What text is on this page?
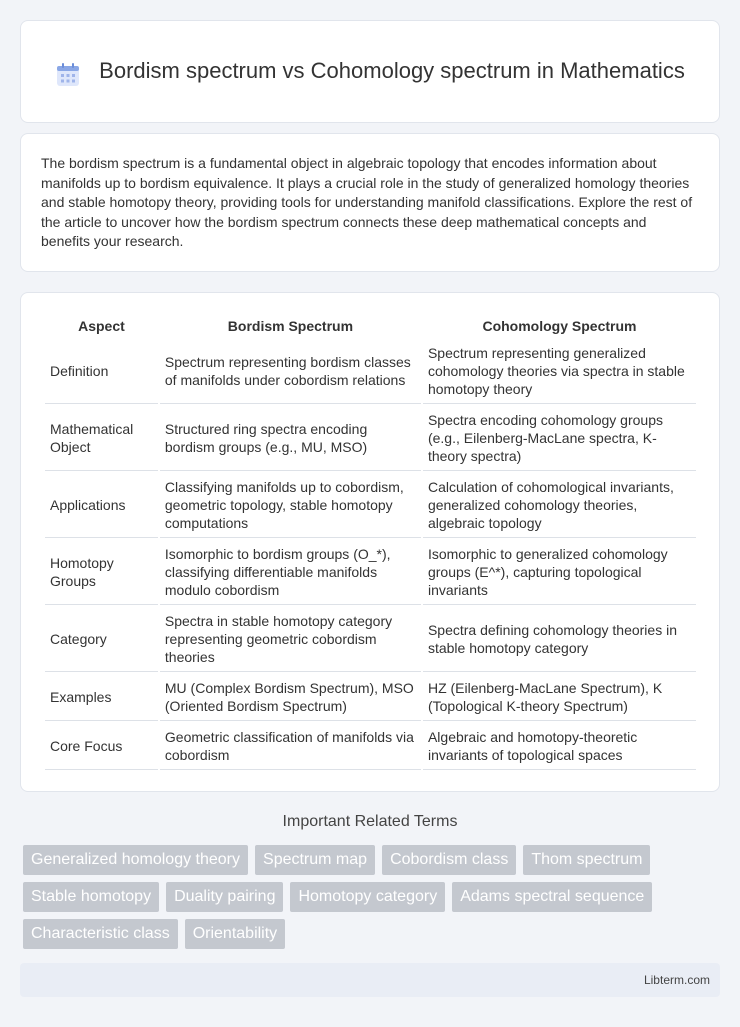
Bordism spectrum vs Cohomology spectrum in Mathematics

The bordism spectrum is a fundamental object in algebraic topology that encodes information about manifolds up to bordism equivalence. It plays a crucial role in the study of generalized homology theories and stable homotopy theory, providing tools for understanding manifold classifications. Explore the rest of the article to uncover how the bordism spectrum connects these deep mathematical concepts and benefits your research.

Aspect	Bordism Spectrum	Cohomology Spectrum
Definition	Spectrum representing bordism classes of manifolds under cobordism relations	Spectrum representing generalized cohomology theories via spectra in stable homotopy theory
Mathematical Object	Structured ring spectra encoding bordism groups (e.g., MU, MSO)	Spectra encoding cohomology groups (e.g., Eilenberg-MacLane spectra, K-theory spectra)
Applications	Classifying manifolds up to cobordism, geometric topology, stable homotopy computations	Calculation of cohomological invariants, generalized cohomology theories, algebraic topology
Homotopy Groups	Isomorphic to bordism groups (O_*), classifying differentiable manifolds modulo cobordism	Isomorphic to generalized cohomology groups (E^*), capturing topological invariants
Category	Spectra in stable homotopy category representing geometric cobordism theories	Spectra defining cohomology theories in stable homotopy category
Examples	MU (Complex Bordism Spectrum), MSO (Oriented Bordism Spectrum)	HZ (Eilenberg-MacLane Spectrum), K (Topological K-theory Spectrum)
Core Focus	Geometric classification of manifolds via cobordism	Algebraic and homotopy-theoretic invariants of topological spaces
Important Related Terms
Generalized homology theory	Spectrum map	Cobordism class	Thom spectrum
Stable homotopy	Duality pairing	Homotopy category	Adams spectral sequence
Characteristic class	Orientability
Libterm.com
